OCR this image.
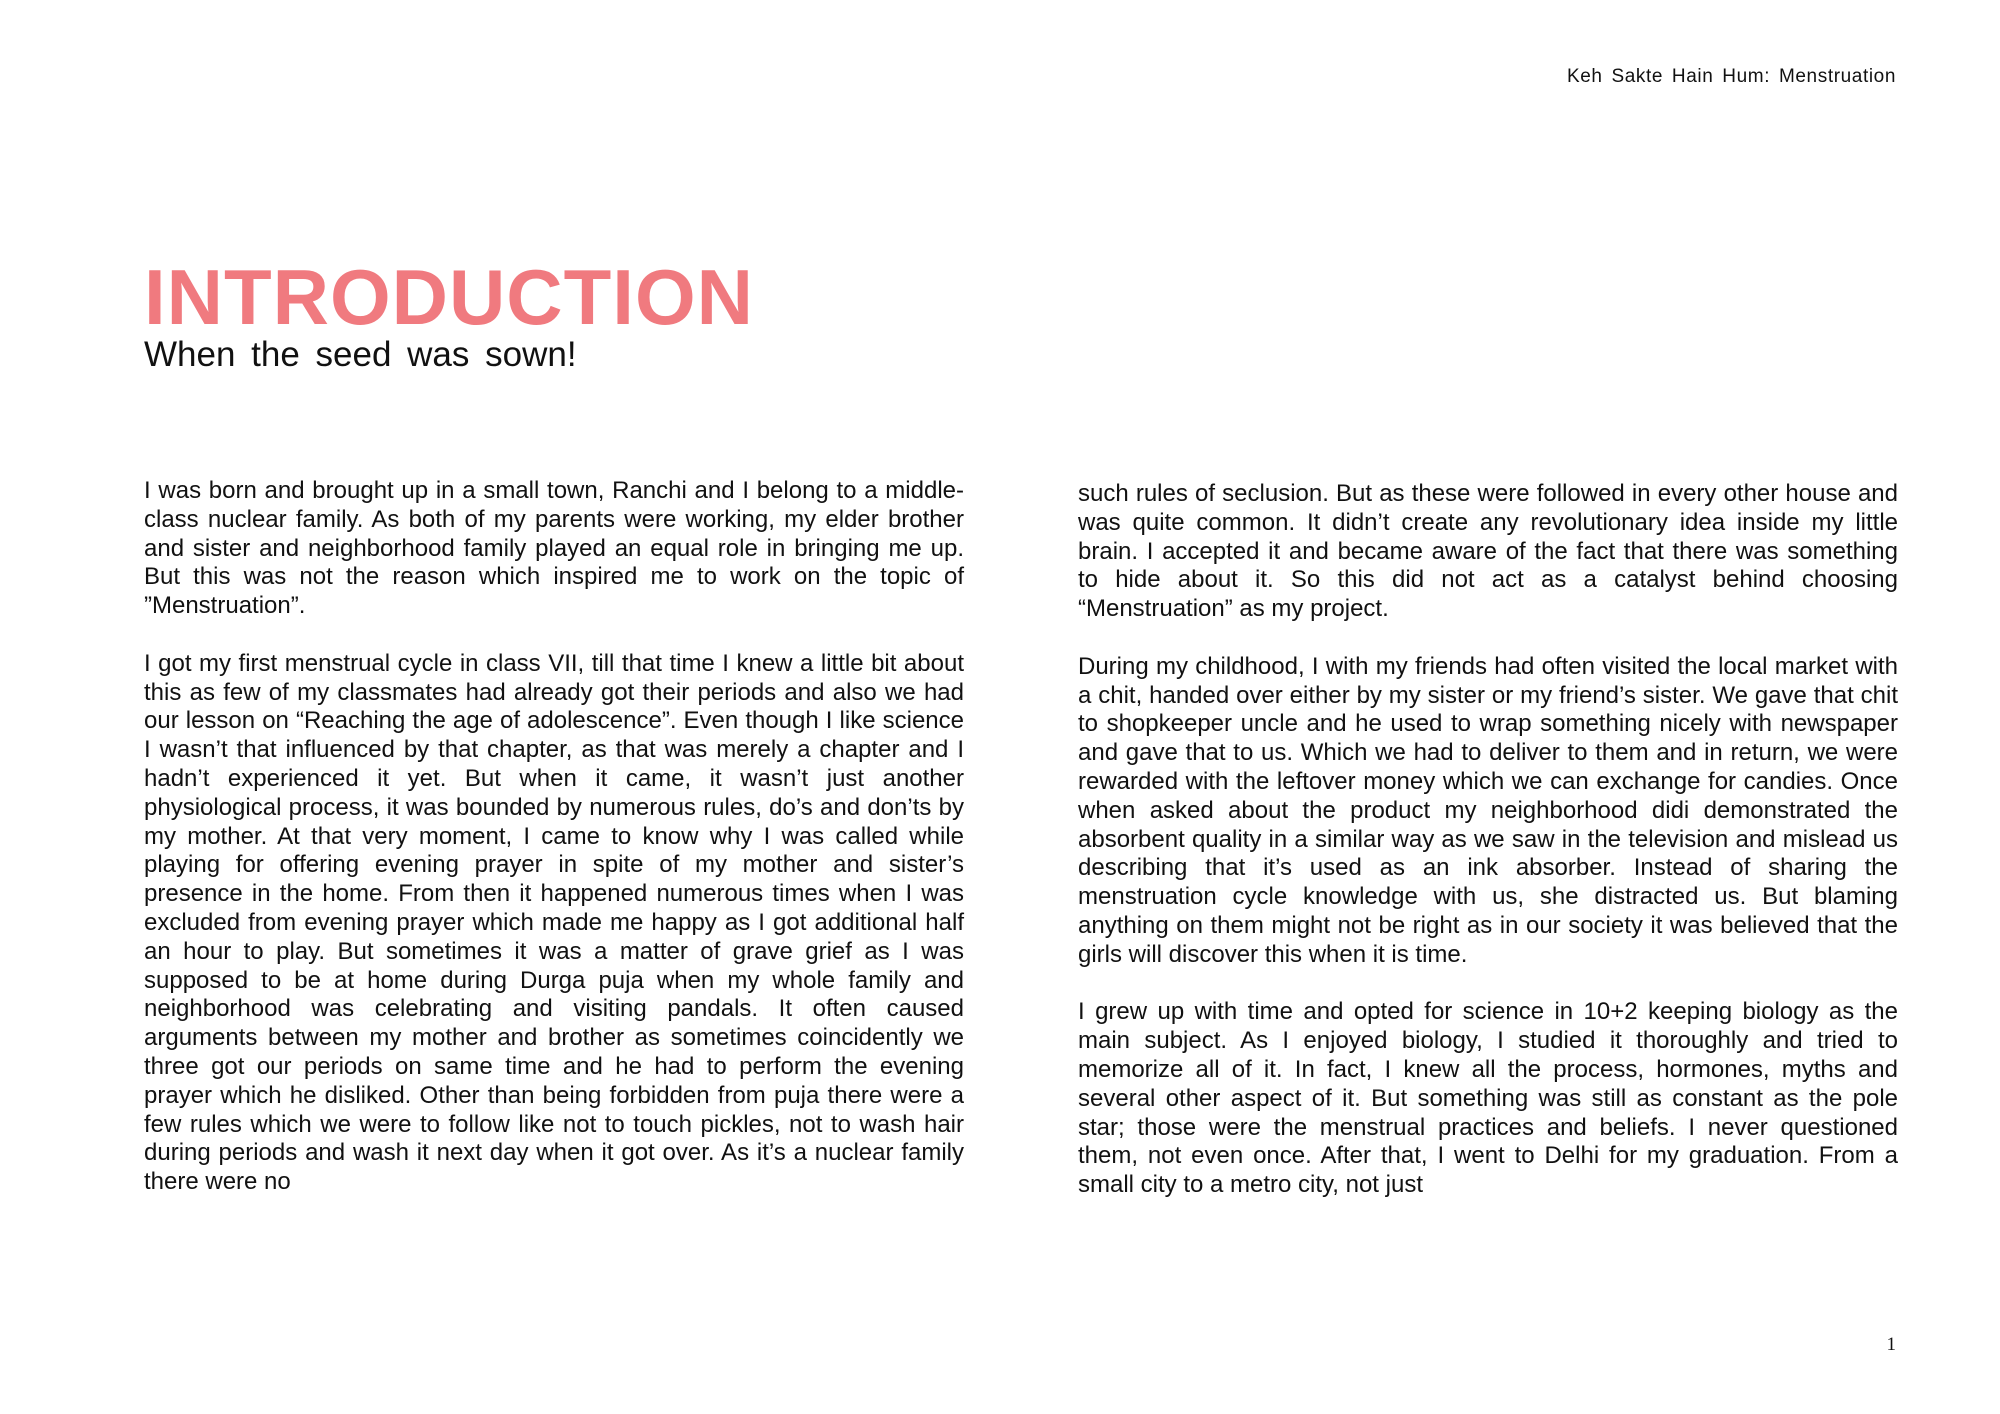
Keh Sakte Hain Hum: Menstruation
INTRODUCTION
When the seed was sown!

I was born and brought up in a small town, Ranchi and I belong to a middle-class nuclear family. As both of my parents were working, my elder brother and sister and neighborhood family played an equal role in bringing me up. But this was not the reason which inspired me to work on the topic of ”Menstruation”.

I got my first menstrual cycle in class VII, till that time I knew a little bit about this as few of my classmates had already got their periods and also we had our lesson on “Reaching the age of adolescence”. Even though I like science I wasn’t that influenced by that chapter, as that was merely a chapter and I hadn’t experienced it yet. But when it came, it wasn’t just another physiological process, it was bounded by numerous rules, do’s and don’ts by my mother. At that very moment, I came to know why I was called while playing for offering evening prayer in spite of my mother and sister’s presence in the home. From then it happened numerous times when I was excluded from evening prayer which made me happy as I got additional half an hour to play. But sometimes it was a matter of grave grief as I was supposed to be at home during Durga puja when my whole family and neighborhood was celebrating and visiting pandals. It often caused arguments between my mother and brother as sometimes coincidently we three got our periods on same time and he had to perform the evening prayer which he disliked. Other than being forbidden from puja there were a few rules which we were to follow like not to touch pickles, not to wash hair during periods and wash it next day when it got over. As it’s a nuclear family there were no

such rules of seclusion. But as these were followed in every other house and was quite common. It didn’t create any revolutionary idea inside my little brain. I accepted it and became aware of the fact that there was something to hide about it. So this did not act as a catalyst behind choosing “Menstruation” as my project.

During my childhood, I with my friends had often visited the local market with a chit, handed over either by my sister or my friend’s sister. We gave that chit to shopkeeper uncle and he used to wrap something nicely with newspaper and gave that to us. Which we had to deliver to them and in return, we were rewarded with the leftover money which we can exchange for candies. Once when asked about the product my neighborhood didi demonstrated the absorbent quality in a similar way as we saw in the television and mislead us describing that it’s used as an ink absorber. Instead of sharing the menstruation cycle knowledge with us, she distracted us. But blaming anything on them might not be right as in our society it was believed that the girls will discover this when it is time.

I grew up with time and opted for science in 10+2 keeping biology as the main subject. As I enjoyed biology, I studied it thoroughly and tried to memorize all of it. In fact, I knew all the process, hormones, myths and several other aspect of it. But something was still as constant as the pole star; those were the menstrual practices and beliefs. I never questioned them, not even once. After that, I went to Delhi for my graduation. From a small city to a metro city, not just

1
